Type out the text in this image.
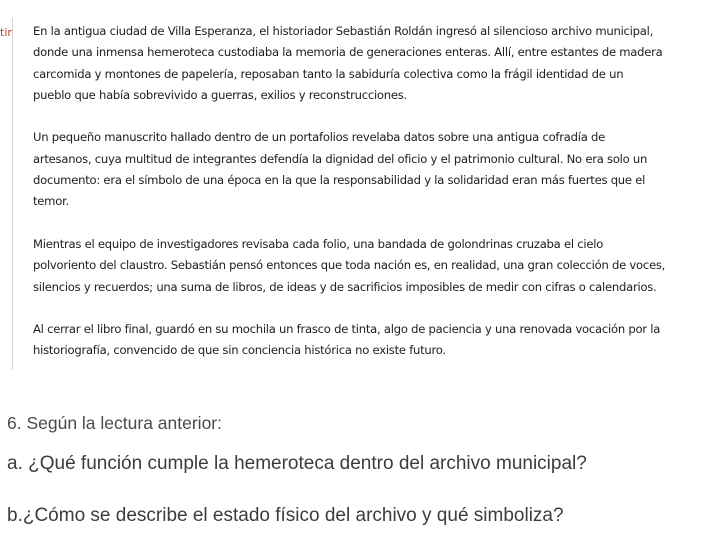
tir En la antigua ciudad de Villa Esperanza, el historiador Sebastián Roldán ingresó al silencioso archivo municipal,
donde una inmensa hemeroteca custodiaba la memoria de generaciones enteras. Allí, entre estantes de madera
carcomida y montones de papelería, reposaban tanto la sabiduría colectiva como la frágil identidad de un
pueblo que había sobrevivido a guerras, exilios y reconstrucciones.

Un pequeño manuscrito hallado dentro de un portafolios revelaba datos sobre una antigua cofradía de
artesanos, cuya multitud de integrantes defendía la dignidad del oficio y el patrimonio cultural. No era solo un
documento: era el símbolo de una época en la que la responsabilidad y la solidaridad eran más fuertes que el
temor.

Mientras el equipo de investigadores revisaba cada folio, una bandada de golondrinas cruzaba el cielo
polvoriento del claustro. Sebastián pensó entonces que toda nación es, en realidad, una gran colección de voces,
silencios y recuerdos; una suma de libros, de ideas y de sacrificios imposibles de medir con cifras o calendarios.

Al cerrar el libro final, guardó en su mochila un frasco de tinta, algo de paciencia y una renovada vocación por la
historiografía, convencido de que sin conciencia histórica no existe futuro.

6. Según la lectura anterior:

a. ¿Qué función cumple la hemeroteca dentro del archivo municipal?

b.¿Cómo se describe el estado físico del archivo y qué simboliza?
